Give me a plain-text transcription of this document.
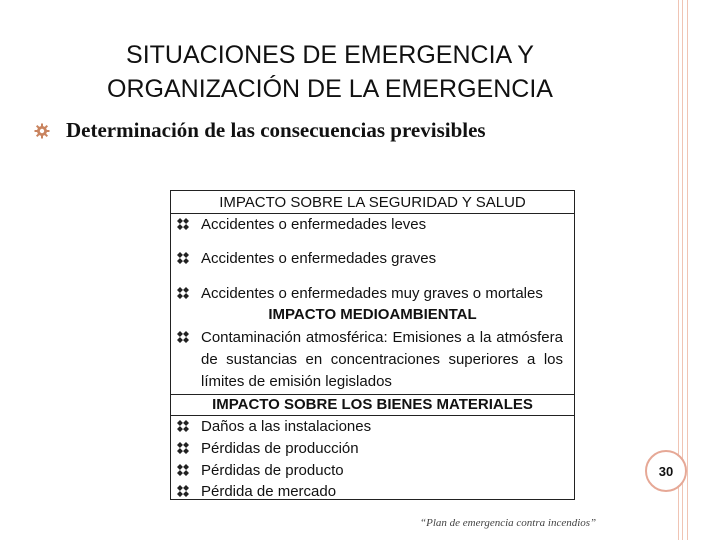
SITUACIONES DE EMERGENCIA Y
ORGANIZACIÓN DE LA EMERGENCIA
Determinación de las consecuencias previsibles
IMPACTO SOBRE LA SEGURIDAD Y SALUD
Accidentes o enfermedades leves
Accidentes o enfermedades graves
Accidentes o enfermedades muy graves o mortales
IMPACTO MEDIOAMBIENTAL
Contaminación atmosférica: Emisiones a la atmósfera de sustancias en concentraciones superiores a los límites de emisión legislados
IMPACTO SOBRE LOS BIENES MATERIALES
Daños a las instalaciones
Pérdidas de producción
Pérdidas de producto
Pérdida de mercado
“Plan de emergencia contra incendios”
30
